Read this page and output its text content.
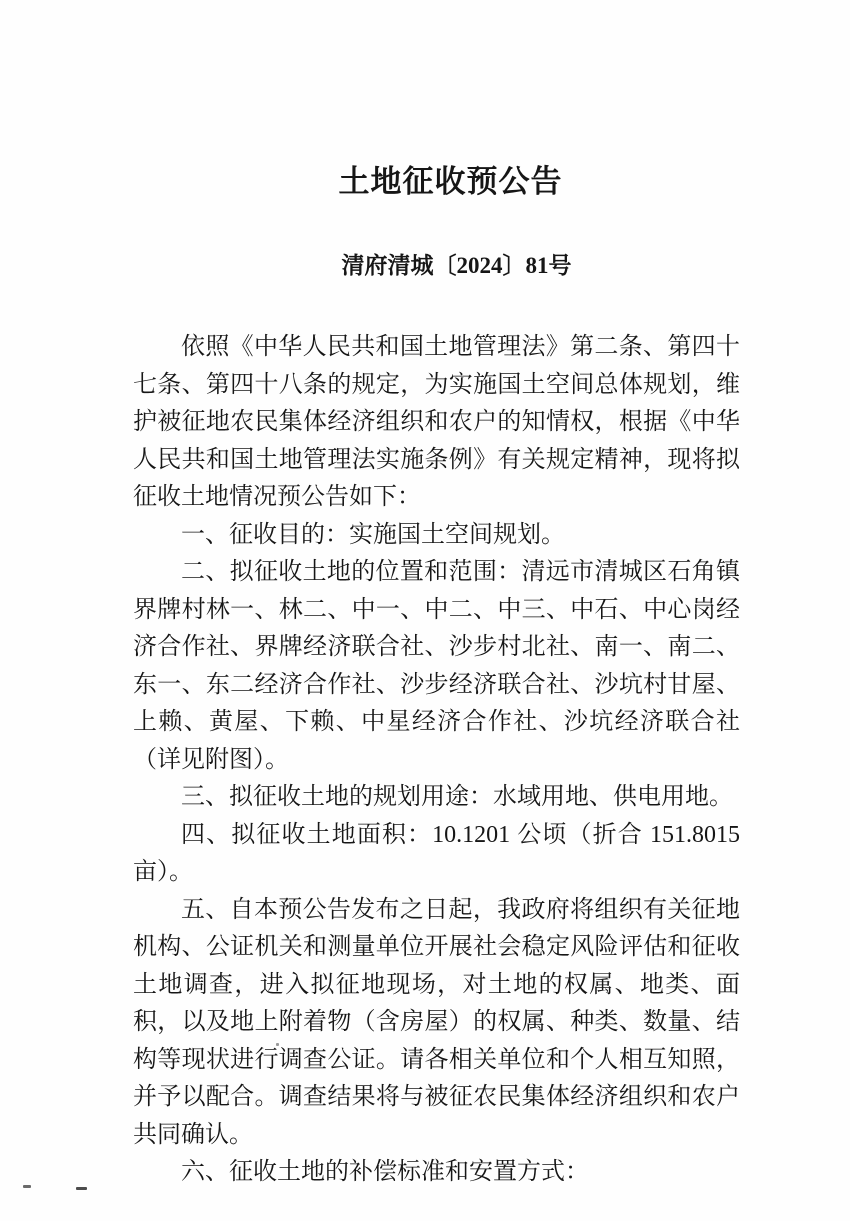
土地征收预公告
清府清城〔2024〕81号

依照《中华人民共和国土地管理法》第二条、第四十七条、第四十八条的规定，为实施国土空间总体规划，维护被征地农民集体经济组织和农户的知情权，根据《中华人民共和国土地管理法实施条例》有关规定精神，现将拟征收土地情况预公告如下：

一、征收目的：实施国土空间规划。

二、拟征收土地的位置和范围：清远市清城区石角镇界牌村林一、林二、中一、中二、中三、中石、中心岗经济合作社、界牌经济联合社、沙步村北社、南一、南二、东一、东二经济合作社、沙步经济联合社、沙坑村甘屋、上赖、黄屋、下赖、中星经济合作社、沙坑经济联合社（详见附图）。

三、拟征收土地的规划用途：水域用地、供电用地。

四、拟征收土地面积：10.1201 公顷（折合 151.8015 亩）。

五、自本预公告发布之日起，我政府将组织有关征地机构、公证机关和测量单位开展社会稳定风险评估和征收土地调查，进入拟征地现场，对土地的权属、地类、面积，以及地上附着物（含房屋）的权属、种类、数量、结构等现状进行调查公证。请各相关单位和个人相互知照，并予以配合。调查结果将与被征农民集体经济组织和农户共同确认。

六、征收土地的补偿标准和安置方式：
